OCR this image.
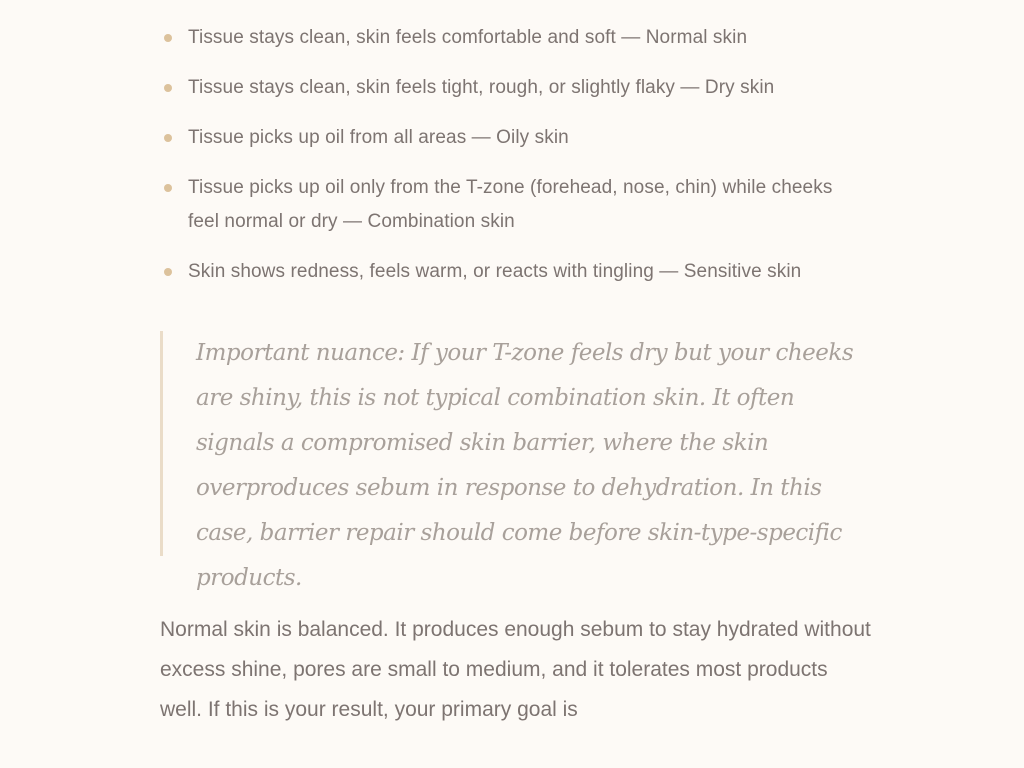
Tissue stays clean, skin feels comfortable and soft — Normal skin
Tissue stays clean, skin feels tight, rough, or slightly flaky — Dry skin
Tissue picks up oil from all areas — Oily skin
Tissue picks up oil only from the T-zone (forehead, nose, chin) while cheeks feel normal or dry — Combination skin
Skin shows redness, feels warm, or reacts with tingling — Sensitive skin

Important nuance: If your T-zone feels dry but your cheeks are shiny, this is not typical combination skin. It often signals a compromised skin barrier, where the skin overproduces sebum in response to dehydration. In this case, barrier repair should come before skin-type-specific products.

Normal skin is balanced. It produces enough sebum to stay hydrated without excess shine, pores are small to medium, and it tolerates most products well. If this is your result, your primary goal is
